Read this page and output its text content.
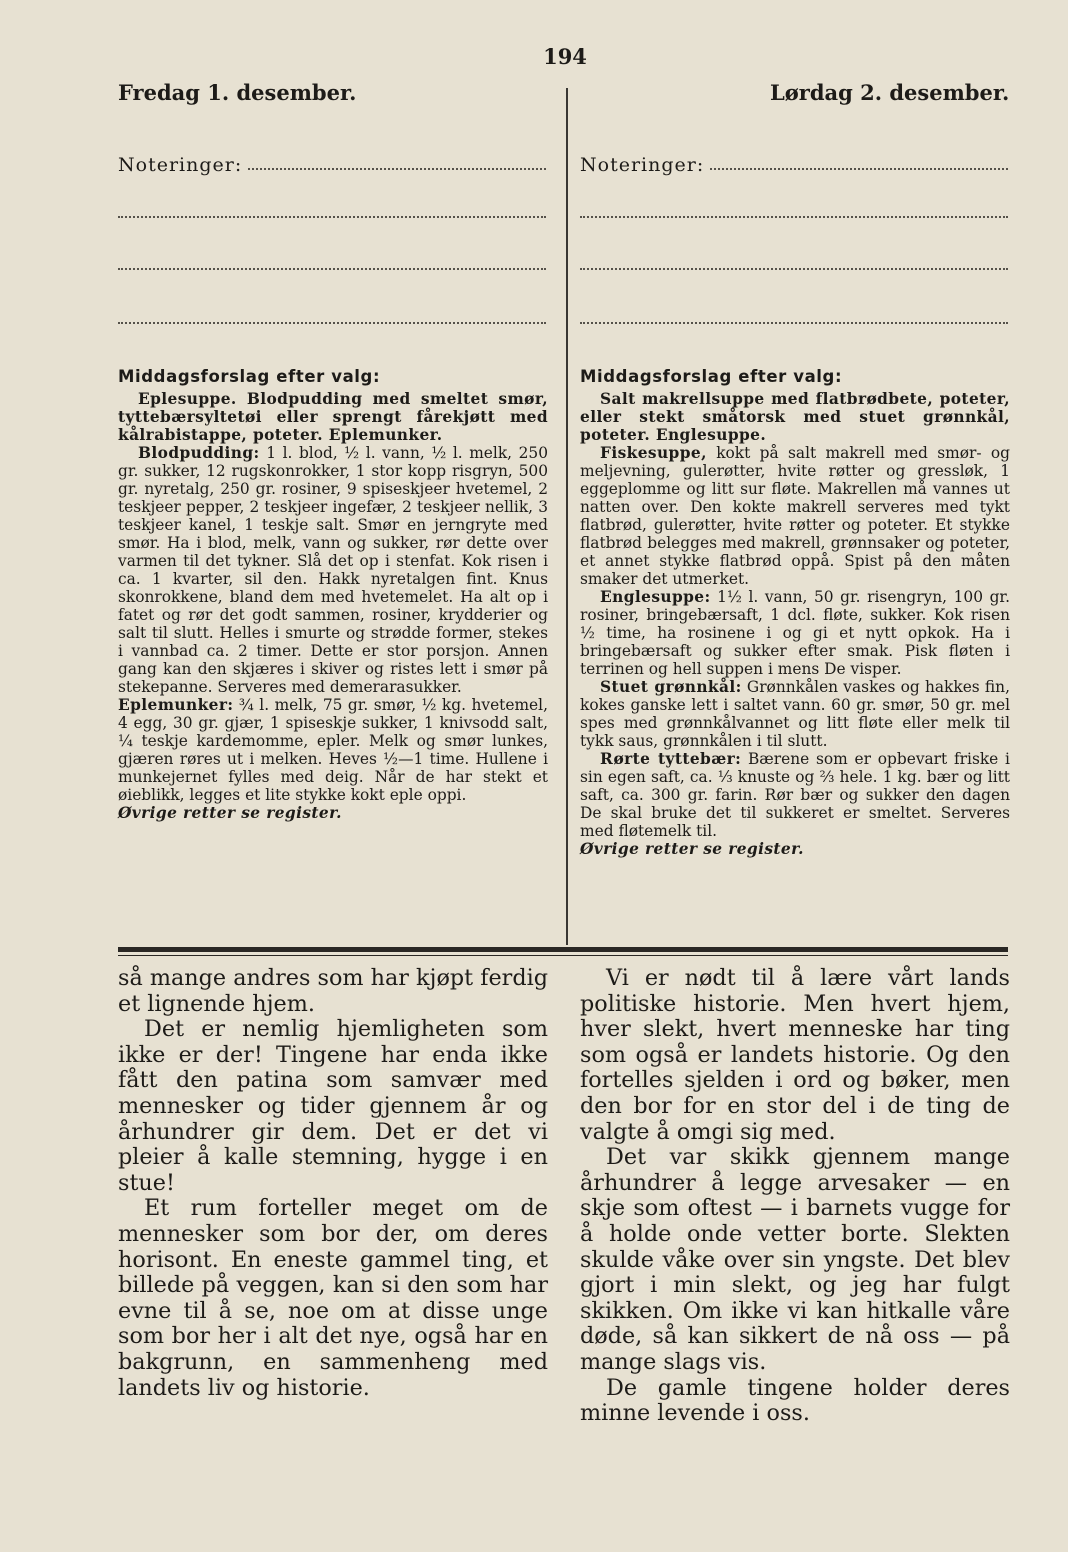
194
Fredag 1. desember.	Lørdag 2. desember.
Noteringer:	Noteringer:
Middagsforslag efter valg:

Eplesuppe. Blodpudding med smeltet smør, tyttebærsyltetøi eller sprengt fårekjøtt med kålrabistappe, poteter. Eplemunker.

Blodpudding: 1 l. blod, ½ l. vann, ½ l. melk, 250 gr. sukker, 12 rugskonrokker, 1 stor kopp risgryn, 500 gr. nyretalg, 250 gr. rosiner, 9 spiseskjeer hvetemel, 2 teskjeer pepper, 2 teskjeer ingefær, 2 teskjeer nellik, 3 teskjeer kanel, 1 teskje salt. Smør en jerngryte med smør. Ha i blod, melk, vann og sukker, rør dette over varmen til det tykner. Slå det op i stenfat. Kok risen i ca. 1 kvarter, sil den. Hakk nyretalgen fint. Knus skonrokkene, bland dem med hvetemelet. Ha alt op i fatet og rør det godt sammen, rosiner, krydderier og salt til slutt. Helles i smurte og strødde former, stekes i vannbad ca. 2 timer. Dette er stor porsjon. Annen gang kan den skjæres i skiver og ristes lett i smør på stekepanne. Serveres med demerarasukker.

Eplemunker: ¾ l. melk, 75 gr. smør, ½ kg. hvetemel, 4 egg, 30 gr. gjær, 1 spiseskje sukker, 1 knivsodd salt, ¼ teskje kardemomme, epler. Melk og smør lunkes, gjæren røres ut i melken. Heves ½—1 time. Hullene i munkejernet fylles med deig. Når de har stekt et øieblikk, legges et lite stykke kokt eple oppi.

Øvrige retter se register.

Middagsforslag efter valg:

Salt makrellsuppe med flatbrødbete, poteter, eller stekt småtorsk med stuet grønnkål, poteter. Englesuppe.

Fiskesuppe, kokt på salt makrell med smør- og meljevning, gulerøtter, hvite røtter og gressløk, 1 eggeplomme og litt sur fløte. Makrellen må vannes ut natten over. Den kokte makrell serveres med tykt flatbrød, gulerøtter, hvite røtter og poteter. Et stykke flatbrød belegges med makrell, grønnsaker og poteter, et annet stykke flatbrød oppå. Spist på den måten smaker det utmerket.

Englesuppe: 1½ l. vann, 50 gr. risengryn, 100 gr. rosiner, bringebærsaft, 1 dcl. fløte, sukker. Kok risen ½ time, ha rosinene i og gi et nytt opkok. Ha i bringebærsaft og sukker efter smak. Pisk fløten i terrinen og hell suppen i mens De visper.

Stuet grønnkål: Grønnkålen vaskes og hakkes fin, kokes ganske lett i saltet vann. 60 gr. smør, 50 gr. mel spes med grønnkålvannet og litt fløte eller melk til tykk saus, grønnkålen i til slutt.

Rørte tyttebær: Bærene som er opbevart friske i sin egen saft, ca. ⅓ knuste og ⅔ hele. 1 kg. bær og litt saft, ca. 300 gr. farin. Rør bær og sukker den dagen De skal bruke det til sukkeret er smeltet. Serveres med fløtemelk til.

Øvrige retter se register.

så mange andres som har kjøpt ferdig et lignende hjem.

Det er nemlig hjemligheten som ikke er der! Tingene har enda ikke fått den patina som samvær med mennesker og tider gjennem år og århundrer gir dem. Det er det vi pleier å kalle stemning, hygge i en stue!

Et rum forteller meget om de mennesker som bor der, om deres horisont. En eneste gammel ting, et billede på veggen, kan si den som har evne til å se, noe om at disse unge som bor her i alt det nye, også har en bakgrunn, en sammenheng med landets liv og historie.

Vi er nødt til å lære vårt lands politiske historie. Men hvert hjem, hver slekt, hvert menneske har ting som også er landets historie. Og den fortelles sjelden i ord og bøker, men den bor for en stor del i de ting de valgte å omgi sig med.

Det var skikk gjennem mange århundrer å legge arvesaker — en skje som oftest — i barnets vugge for å holde onde vetter borte. Slekten skulde våke over sin yngste. Det blev gjort i min slekt, og jeg har fulgt skikken. Om ikke vi kan hitkalle våre døde, så kan sikkert de nå oss — på mange slags vis.

De gamle tingene holder deres minne levende i oss.
